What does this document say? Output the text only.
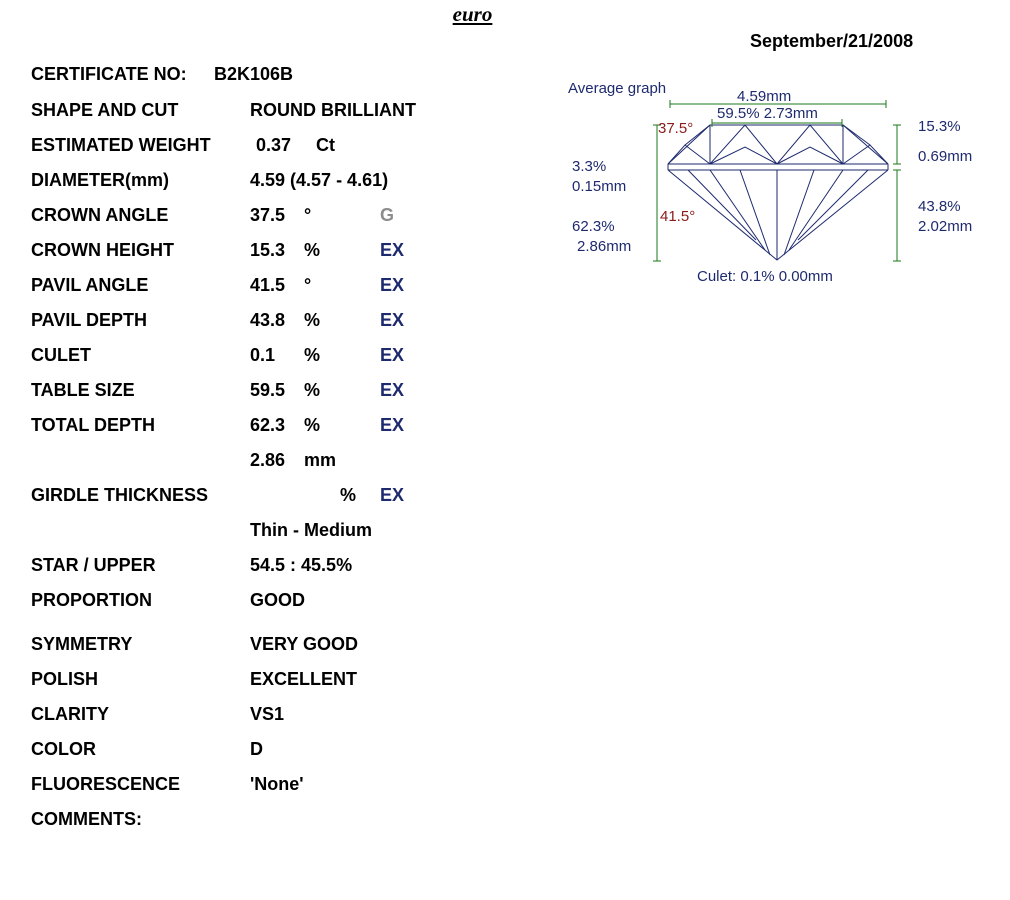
euro
September/21/2008
CERTIFICATE NO: B2K106B
SHAPE AND CUT	ROUND BRILLIANT
ESTIMATED WEIGHT	0.37 Ct
DIAMETER(mm)	4.59 (4.57 - 4.61)
CROWN ANGLE	37.5 °	G
CROWN HEIGHT	15.3 %	EX
PAVIL ANGLE	41.5 °	EX
PAVIL DEPTH	43.8 %	EX
CULET	0.1 %	EX
TABLE SIZE	59.5 %	EX
TOTAL DEPTH	62.3 %	EX
2.86 mm
GIRDLE THICKNESS	% EX
Thin - Medium
STAR / UPPER	54.5 : 45.5%
PROPORTION	GOOD
SYMMETRY	VERY GOOD
POLISH	EXCELLENT
CLARITY	VS1
COLOR	D
FLUORESCENCE	'None'
COMMENTS:
Average graph	4.59mm
59.5% 2.73mm
37.5°	15.3%
0.69mm
3.3%
0.15mm
41.5°
43.8%
2.02mm
62.3%
2.86mm
Culet: 0.1% 0.00mm
